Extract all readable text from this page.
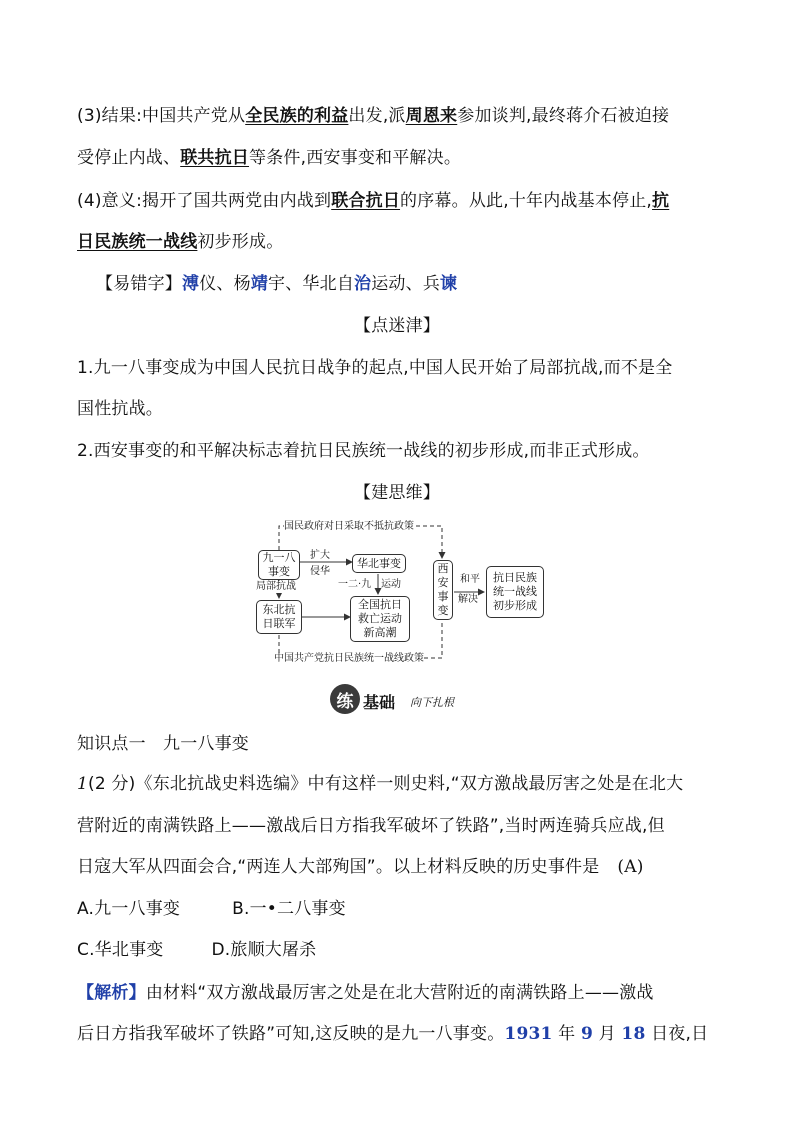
(3)结果:中国共产党从全民族的利益出发,派周恩来参加谈判,最终蒋介石被迫接
受停止内战、联共抗日等条件,西安事变和平解决。
(4)意义:揭开了国共两党由内战到联合抗日的序幕。从此,十年内战基本停止,抗
日民族统一战线初步形成。
【易错字】溥仪、杨靖宇、华北自治运动、兵谏
【点迷津】
1.九一八事变成为中国人民抗日战争的起点,中国人民开始了局部抗战,而不是全
国性抗战。
2.西安事变的和平解决标志着抗日民族统一战线的初步形成,而非正式形成。
【建思维】
国民政府对日采取不抵抗政策
中国共产党抗日民族统一战线政策
九一八
事变
华北事变
东北抗
日联军
全国抗日
救亡运动
新高潮
西
安
事
变
抗日民族
统一战线
初步形成
扩大
侵华
一二·九 运动
局部抗战
和平
解决
练 基础 向下扎根
知识点一　九一八事变
1(2 分)《东北抗战史料选编》中有这样一则史料,“双方激战最厉害之处是在北大
营附近的南满铁路上——激战后日方指我军破坏了铁路”,当时两连骑兵应战,但
日寇大军从四面会合,“两连人大部殉国”。以上材料反映的历史事件是 (A)
A.九一八事变	B.一•二八事变
C.华北事变	D.旅顺大屠杀
【解析】由材料“双方激战最厉害之处是在北大营附近的南满铁路上——激战
后日方指我军破坏了铁路”可知,这反映的是九一八事变。1931 年 9 月 18 日夜,日
